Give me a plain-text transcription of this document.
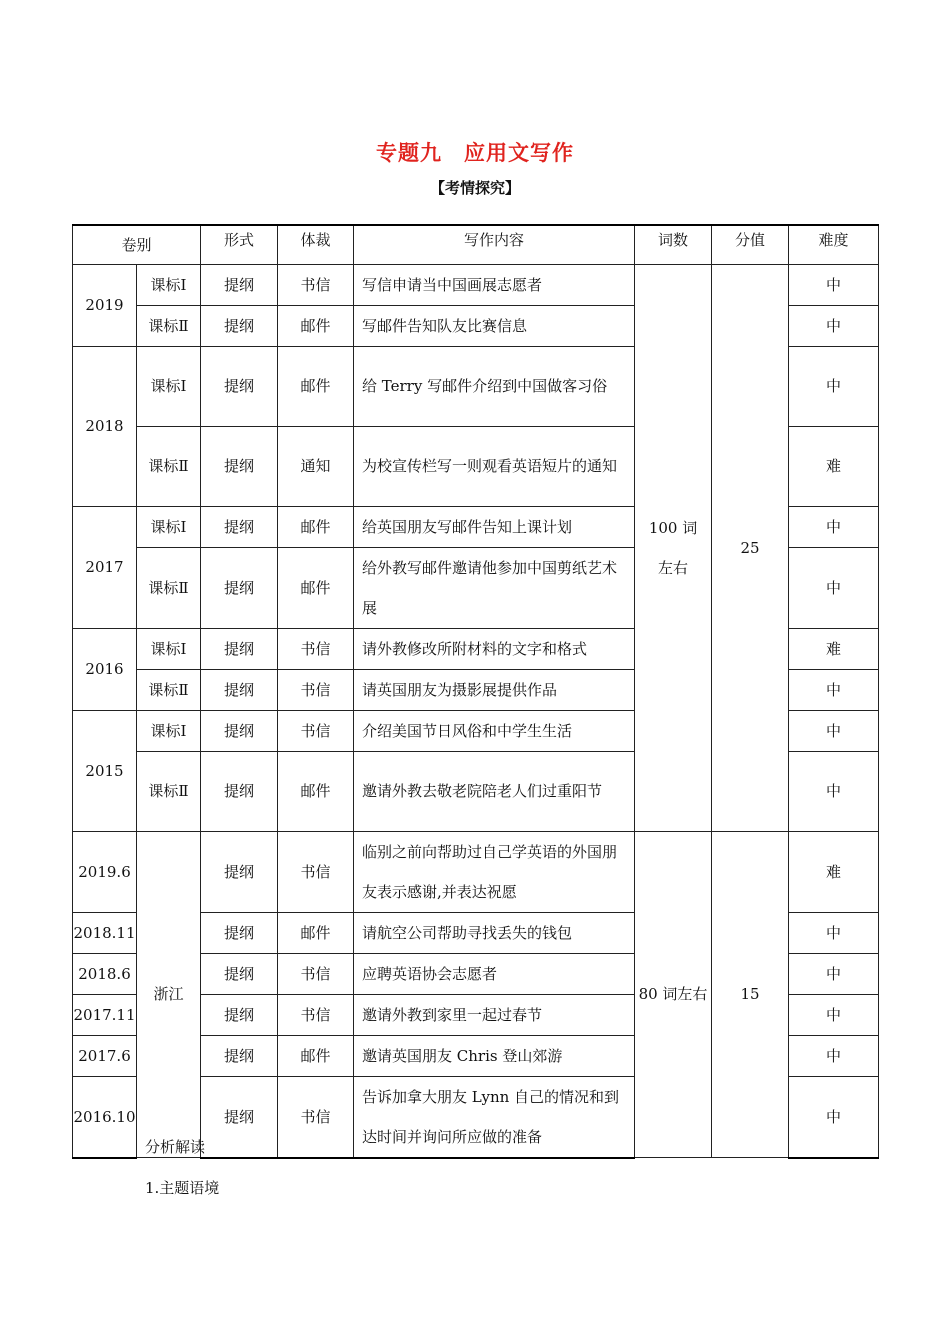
专题九　应用文写作
【考情探究】
卷别		形式	体裁	写作内容	词数	分值	难度
2019	课标Ⅰ	提纲	书信	写信申请当中国画展志愿者	100 词左右	25	中
	课标Ⅱ	提纲	邮件	写邮件告知队友比赛信息			中
2018	课标Ⅰ	提纲	邮件	给 Terry 写邮件介绍到中国做客习俗			中
	课标Ⅱ	提纲	通知	为校宣传栏写一则观看英语短片的通知			难
2017	课标Ⅰ	提纲	邮件	给英国朋友写邮件告知上课计划			中
	课标Ⅱ	提纲	邮件	给外教写邮件邀请他参加中国剪纸艺术展			中
2016	课标Ⅰ	提纲	书信	请外教修改所附材料的文字和格式			难
	课标Ⅱ	提纲	书信	请英国朋友为摄影展提供作品			中
2015	课标Ⅰ	提纲	书信	介绍美国节日风俗和中学生生活			中
	课标Ⅱ	提纲	邮件	邀请外教去敬老院陪老人们过重阳节			中
2019.6	浙江	提纲	书信	临别之前向帮助过自己学英语的外国朋友表示感谢,并表达祝愿	80 词左右	15	难
2018.11		提纲	邮件	请航空公司帮助寻找丢失的钱包			中
2018.6		提纲	书信	应聘英语协会志愿者			中
2017.11		提纲	书信	邀请外教到家里一起过春节			中
2017.6		提纲	邮件	邀请英国朋友 Chris 登山郊游			中
2016.10		提纲	书信	告诉加拿大朋友 Lynn 自己的情况和到达时间并询问所应做的准备			中
分析解读
1.主题语境
